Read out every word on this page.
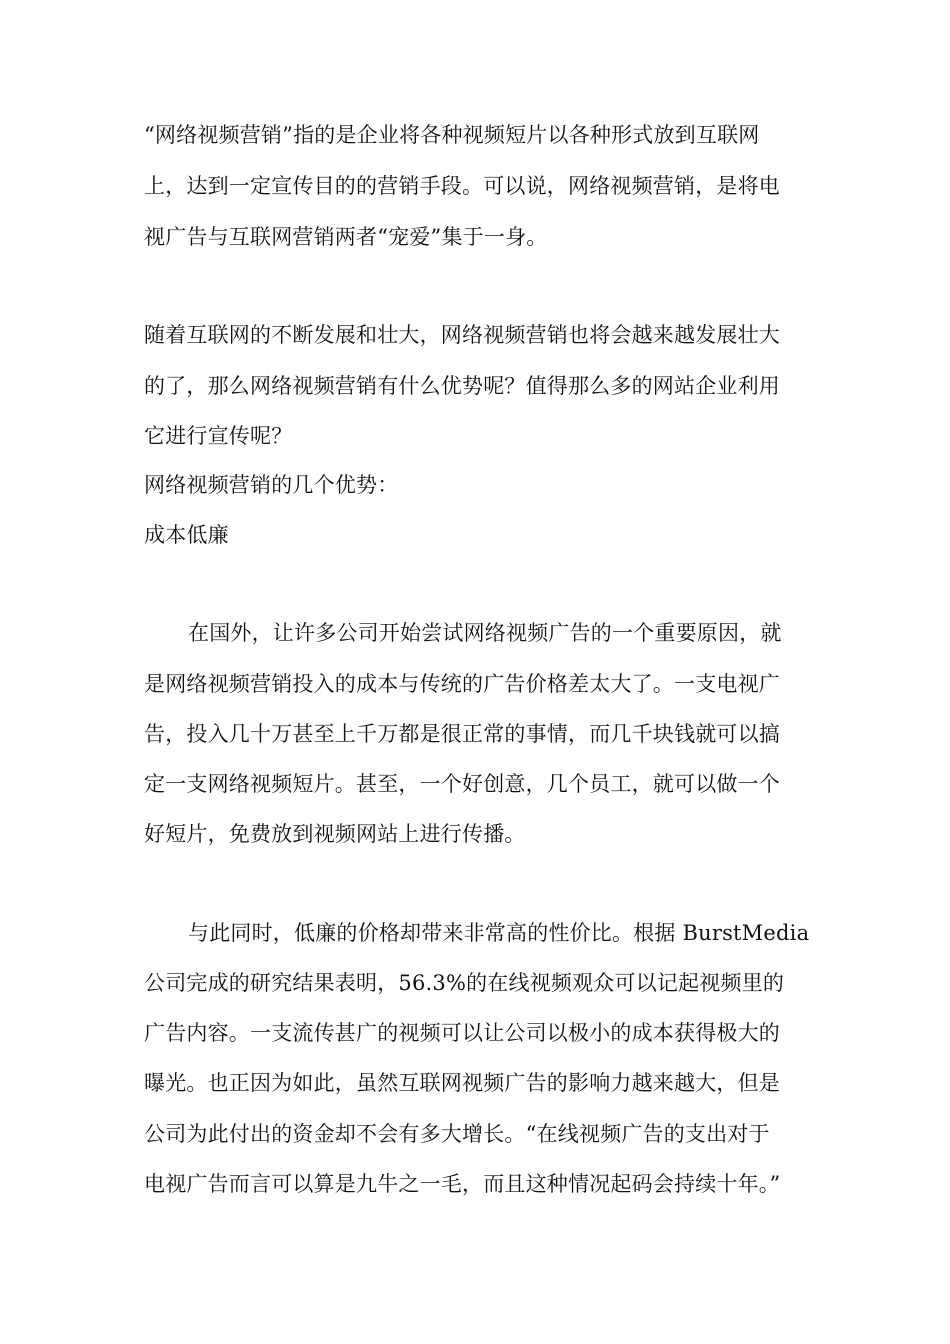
“网络视频营销”指的是企业将各种视频短片以各种形式放到互联网
上，达到一定宣传目的的营销手段。可以说，网络视频营销，是将电
视广告与互联网营销两者“宠爱”集于一身。
随着互联网的不断发展和壮大，网络视频营销也将会越来越发展壮大
的了，那么网络视频营销有什么优势呢？值得那么多的网站企业利用
它进行宣传呢？
网络视频营销的几个优势：
成本低廉
在国外，让许多公司开始尝试网络视频广告的一个重要原因，就
是网络视频营销投入的成本与传统的广告价格差太大了。一支电视广
告，投入几十万甚至上千万都是很正常的事情，而几千块钱就可以搞
定一支网络视频短片。甚至，一个好创意，几个员工，就可以做一个
好短片，免费放到视频网站上进行传播。
与此同时，低廉的价格却带来非常高的性价比。根据 BurstMedia
公司完成的研究结果表明，56.3%的在线视频观众可以记起视频里的
广告内容。一支流传甚广的视频可以让公司以极小的成本获得极大的
曝光。也正因为如此，虽然互联网视频广告的影响力越来越大，但是
公司为此付出的资金却不会有多大增长。“在线视频广告的支出对于
电视广告而言可以算是九牛之一毛，而且这种情况起码会持续十年。”
